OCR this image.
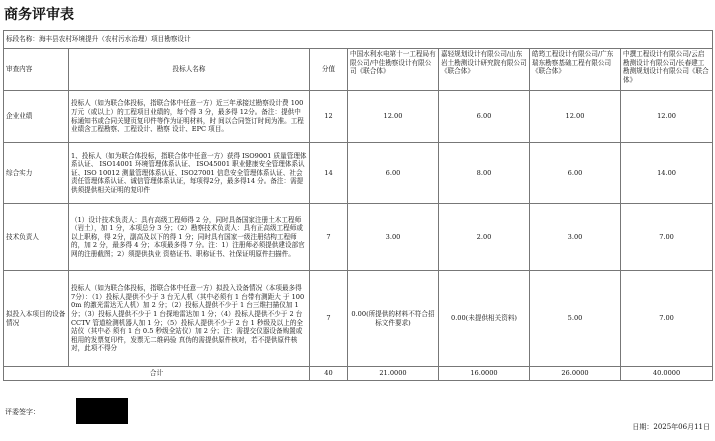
商务评审表
标段名称：海丰县农村环境提升（农村污水治理）项目勘察设计						
审查内容	投标人名称	分值	中国水利水电第十一工程局有限公司/中佳勘察设计有限公司《联合体》	嘉轻规划设计有限公司/山东岩土勘测设计研究院有限公司《联合体》	皓筠工程设计有限公司/广东瑞东勘察基础工程有限公司《联合体》	中撰工程设计有限公司/云启勘测设计有限公司/长春建工勘测规划设计有限公司《联合体》
企业业绩	投标人（如为联合体投标，指联合体中任意一方）近三年承接过勘察设计费 100 万元（或以上）的工程项目业绩的，每个得 3 分，最多得 12分。备注：提供中标通知书或合同关键页复印件等作为证明材料，时 间以合同签订时间为准。工程业绩含工程勘察、工程设计、勘察 设计、EPC 项目。	12	12.00	6.00	12.00	12.00
综合实力	1、投标人（如为联合体投标，指联合体中任意一方）获得 ISO9001 质量管理体系认证、 ISO14001 环境管理体系认证、 ISO45001 职业健康安全管理体系认证、ISO 10012 测量管理体系认证、ISO27001 信息安全管理体系认证、社会责任管理体系认证、诚信管理体系认证，每项得2分，最多得14 分。备注：需提供须提供相关证明的复印件	14	6.00	8.00	6.00	14.00
技术负责人	（1）设计技术负责人：具有高级工程师得 2 分，同时具备国家注册土木工程师（岩土），加 1 分，本项总分 3 分；（2）勘察技术负责人：具有正高级工程师或以上职称，得 2分，副高及以下的得 1 分；同时具有国家一级注册结构工程师的，加 2 分，最多得 4 分；本项最多得 7 分。注：1）注册师必须提供建设部官网的注册截图；2）须提供执业 资格证书、职称证书、社保证明原件扫描件。	7	3.00	2.00	3.00	7.00
拟投入本项目的设备情况	投标人（如为联合体投标，指联合体中任意一方）拟投入设备情况（本项最多得 7分）：（1）投标人提供不少于 3 台无人机（其中必须有 1 台带有测距大 于 1000m 的激光雷达无人机）加 2 分；（2）投标人提供不少于 1 台三维扫描仪加 1 分；（3）投标人提供不少于 1 台探地雷达加 1 分；（4）投标人提供不少于 2 台 CCTV 管道检测机器人加 1 分；（5）投标人提供不少于 2 台 1 秒级及以上的全站仪（其中必 须有 1 台 0.5 秒级全站仪）加 2 分；注：需提交仪器设备购置或租用的发票复印件，发票无二维码验 真伪的需提供原件核对，若不提供原件核对，此项不得分	7	0.00(所提供的材料不符合招标文件要求)	0.00(未提供相关资料)	5.00	7.00
合计		40	21.0000	16.0000	26.0000	40.0000
评委签字：
日期：2025年06月11日
